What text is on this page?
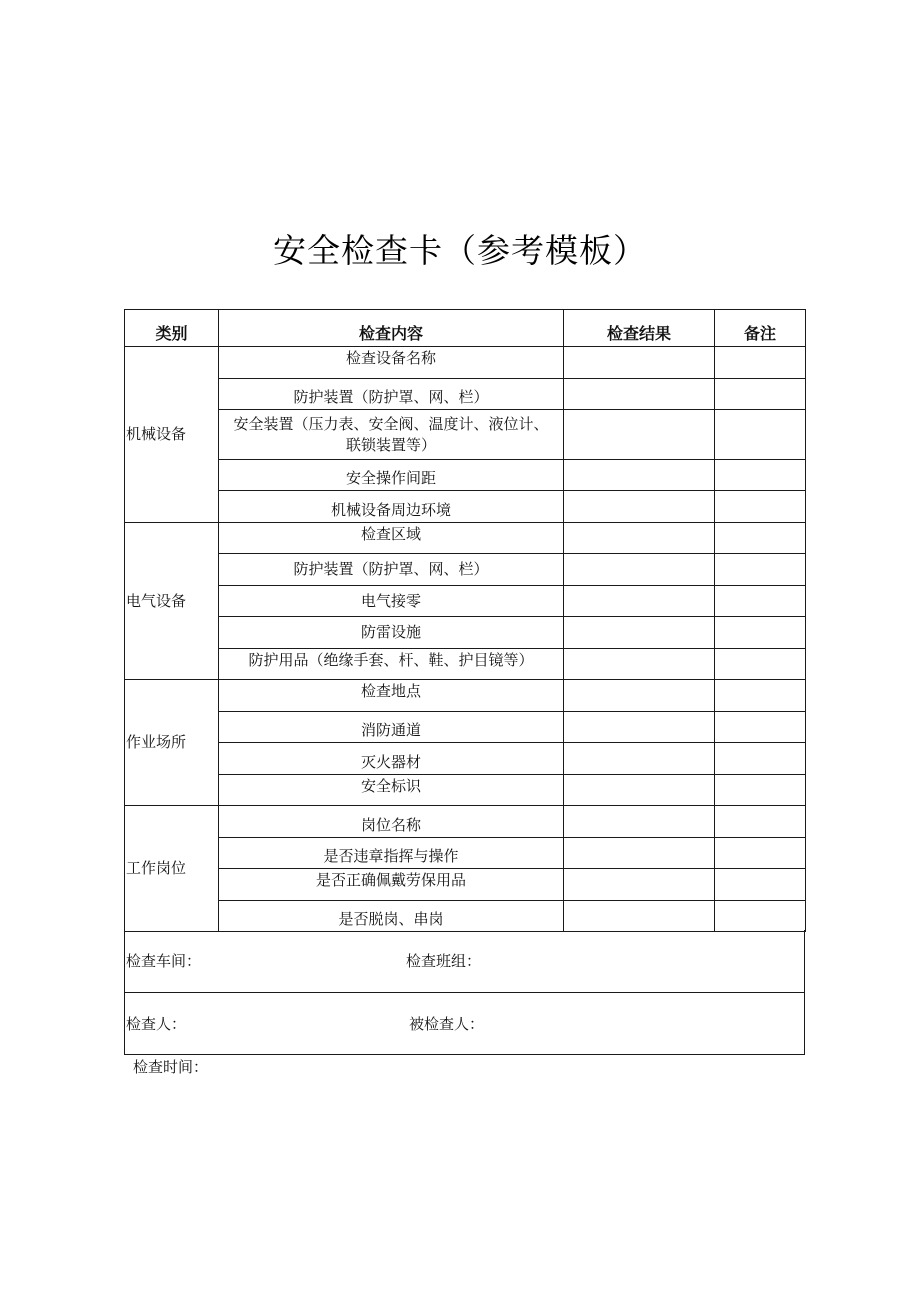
安全检查卡（参考模板）
类别	检查内容	检查结果	备注
机械设备	检查设备名称		
	防护装置（防护罩、网、栏）		
	安全装置（压力表、安全阀、温度计、液位计、联锁装置等）		
	安全操作间距		
	机械设备周边环境		
电气设备	检查区域		
	防护装置（防护罩、网、栏）		
	电气接零		
	防雷设施		
	防护用品（绝缘手套、杆、鞋、护目镜等）		
作业场所	检查地点		
	消防通道		
	灭火器材		
	安全标识		
工作岗位	岗位名称		
	是否违章指挥与操作		
	是否正确佩戴劳保用品		
	是否脱岗、串岗		
检查车间：	检查班组：
检查人：	被检查人：
检查时间：
